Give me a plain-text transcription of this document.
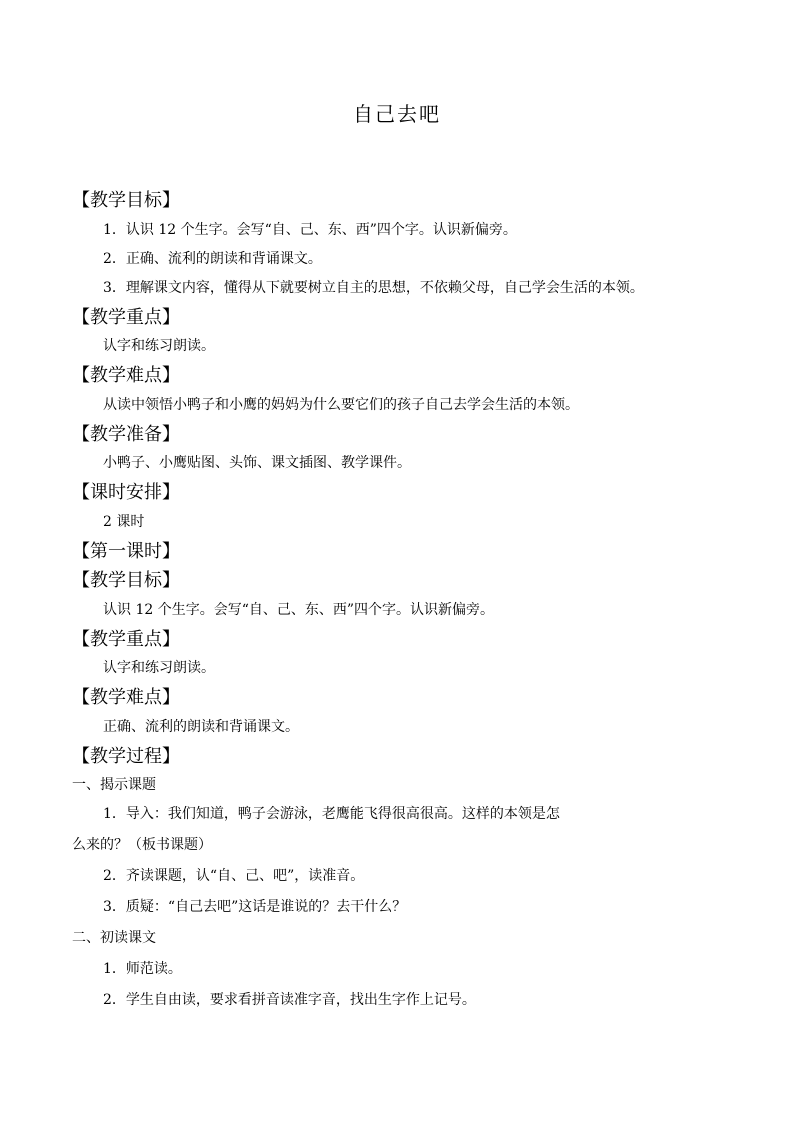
自己去吧
【教学目标】
1．认识 12 个生字。会写“自、己、东、西”四个字。认识新偏旁。
2．正确、流利的朗读和背诵课文。
3．理解课文内容，懂得从下就要树立自主的思想，不依赖父母，自己学会生活的本领。
【教学重点】
认字和练习朗读。
【教学难点】
从读中领悟小鸭子和小鹰的妈妈为什么要它们的孩子自己去学会生活的本领。
【教学准备】
小鸭子、小鹰贴图、头饰、课文插图、教学课件。
【课时安排】
2 课时
【第一课时】
【教学目标】
认识 12 个生字。会写“自、己、东、西”四个字。认识新偏旁。
【教学重点】
认字和练习朗读。
【教学难点】
正确、流利的朗读和背诵课文。
【教学过程】
一、揭示课题
1．导入：我们知道，鸭子会游泳，老鹰能飞得很高很高。这样的本领是怎
么来的？（板书课题）
2．齐读课题，认“自、己、吧”，读准音。
3．质疑：“自己去吧”这话是谁说的？去干什么？
二、初读课文
1．师范读。
2．学生自由读，要求看拼音读准字音，找出生字作上记号。
